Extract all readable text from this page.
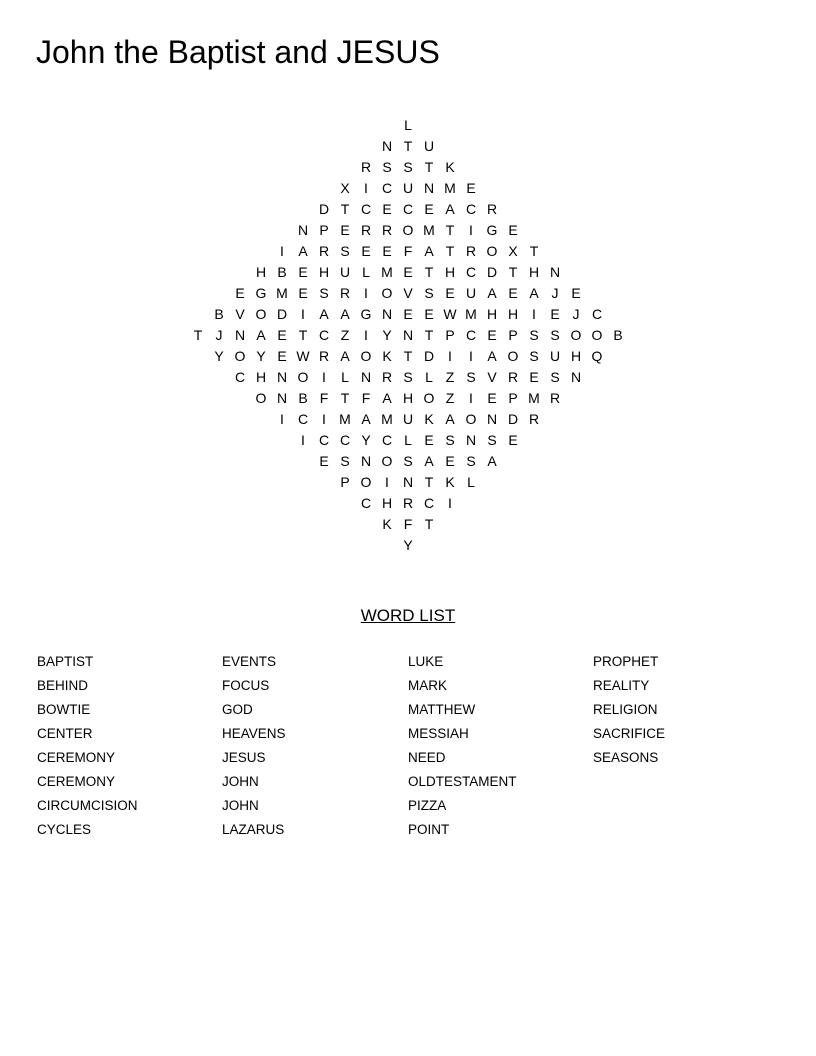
John the Baptist and JESUS
L
N T U
R S S T K
X	I	C U N M E
D T C E C E A C R
N P E R R O M T	I G E
I	A R S E E F A T R O X T
H B E H U L M E T H C D T H N
E G M E S R I O V S E U A E A J E
B V O D I	A A G N E E W M H H I	E J C
T J N A E T C Z	I	Y N T P C E P S S O O B
Y O Y E W R A O K T D I	I	A O S U H Q
C H N O I	L N R S L Z S V R E S N
O N B F T F A H O Z	I	E P M R
I	C I M A M U K A O N D R
I	C C Y C L E S N S E
E S N O S A E S A
P O I	N T K L
C H R C I
K F T
Y
WORD LIST
BAPTIST
BEHIND
BOWTIE
CENTER
CEREMONY
CEREMONY
CIRCUMCISION
CYCLES
EVENTS
FOCUS
GOD
HEAVENS
JESUS
JOHN
JOHN
LAZARUS
LUKE
MARK
MATTHEW
MESSIAH
NEED
OLDTESTAMENT
PIZZA
POINT
PROPHET
REALITY
RELIGION
SACRIFICE
SEASONS
